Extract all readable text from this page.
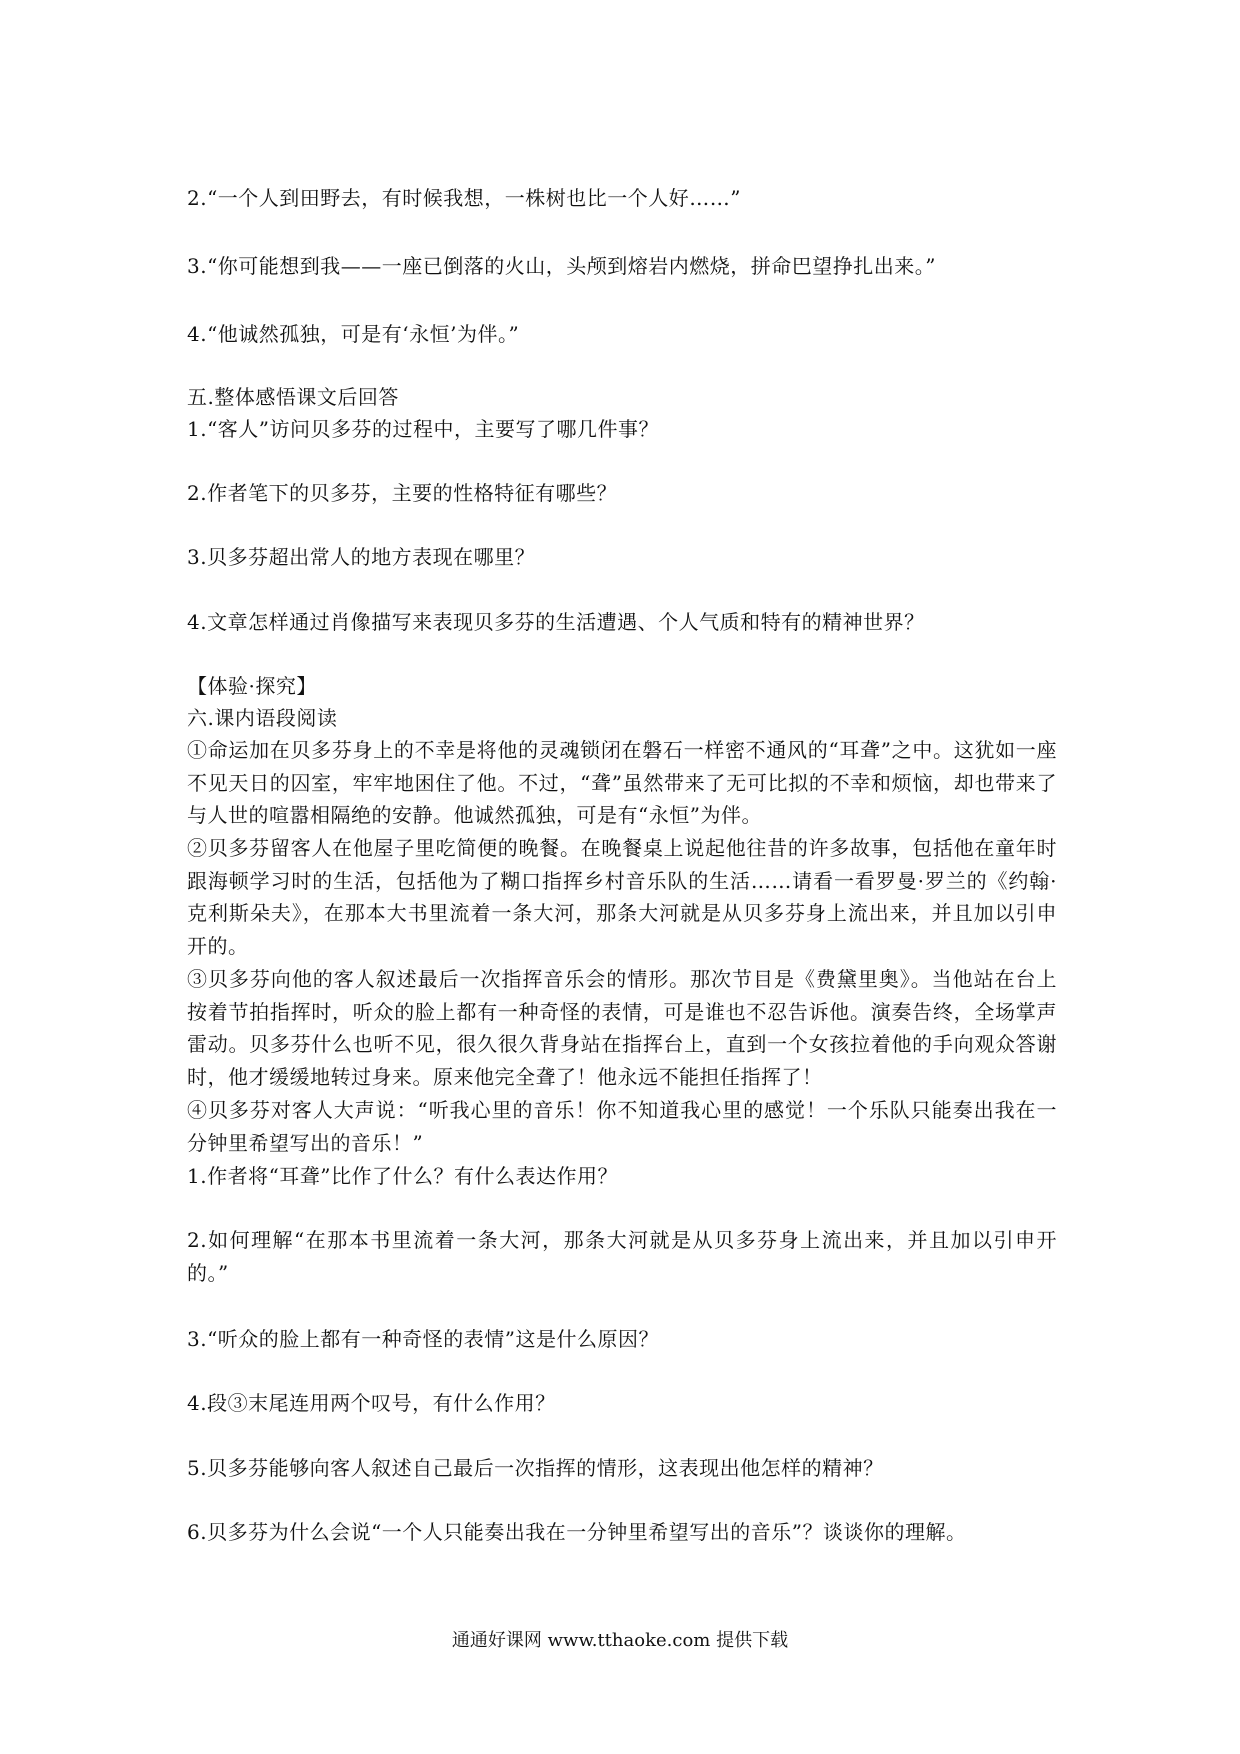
2.“一个人到田野去，有时候我想，一株树也比一个人好……”
3.“你可能想到我——一座已倒落的火山，头颅到熔岩内燃烧，拼命巴望挣扎出来。”
4.“他诚然孤独，可是有‘永恒’为伴。”
五.整体感悟课文后回答
1.“客人”访问贝多芬的过程中，主要写了哪几件事？
2.作者笔下的贝多芬，主要的性格特征有哪些？
3.贝多芬超出常人的地方表现在哪里？
4.文章怎样通过肖像描写来表现贝多芬的生活遭遇、个人气质和特有的精神世界？
【体验·探究】
六.课内语段阅读
①命运加在贝多芬身上的不幸是将他的灵魂锁闭在磐石一样密不通风的“耳聋”之中。这犹如一座不见天日的囚室，牢牢地困住了他。不过，“聋”虽然带来了无可比拟的不幸和烦恼，却也带来了与人世的喧嚣相隔绝的安静。他诚然孤独，可是有“永恒”为伴。
②贝多芬留客人在他屋子里吃简便的晚餐。在晚餐桌上说起他往昔的许多故事，包括他在童年时跟海顿学习时的生活，包括他为了糊口指挥乡村音乐队的生活……请看一看罗曼·罗兰的《约翰·克利斯朵夫》，在那本大书里流着一条大河，那条大河就是从贝多芬身上流出来，并且加以引申开的。
③贝多芬向他的客人叙述最后一次指挥音乐会的情形。那次节目是《费黛里奥》。当他站在台上按着节拍指挥时，听众的脸上都有一种奇怪的表情，可是谁也不忍告诉他。演奏告终，全场掌声雷动。贝多芬什么也听不见，很久很久背身站在指挥台上，直到一个女孩拉着他的手向观众答谢时，他才缓缓地转过身来。原来他完全聋了！他永远不能担任指挥了！
④贝多芬对客人大声说：“听我心里的音乐！你不知道我心里的感觉！一个乐队只能奏出我在一分钟里希望写出的音乐！”
1.作者将“耳聋”比作了什么？有什么表达作用？
2.如何理解“在那本书里流着一条大河，那条大河就是从贝多芬身上流出来，并且加以引申开的。”
3.“听众的脸上都有一种奇怪的表情”这是什么原因？
4.段③末尾连用两个叹号，有什么作用？
5.贝多芬能够向客人叙述自己最后一次指挥的情形，这表现出他怎样的精神？
6.贝多芬为什么会说“一个人只能奏出我在一分钟里希望写出的音乐”？谈谈你的理解。
通通好课网 www.tthaoke.com 提供下载
